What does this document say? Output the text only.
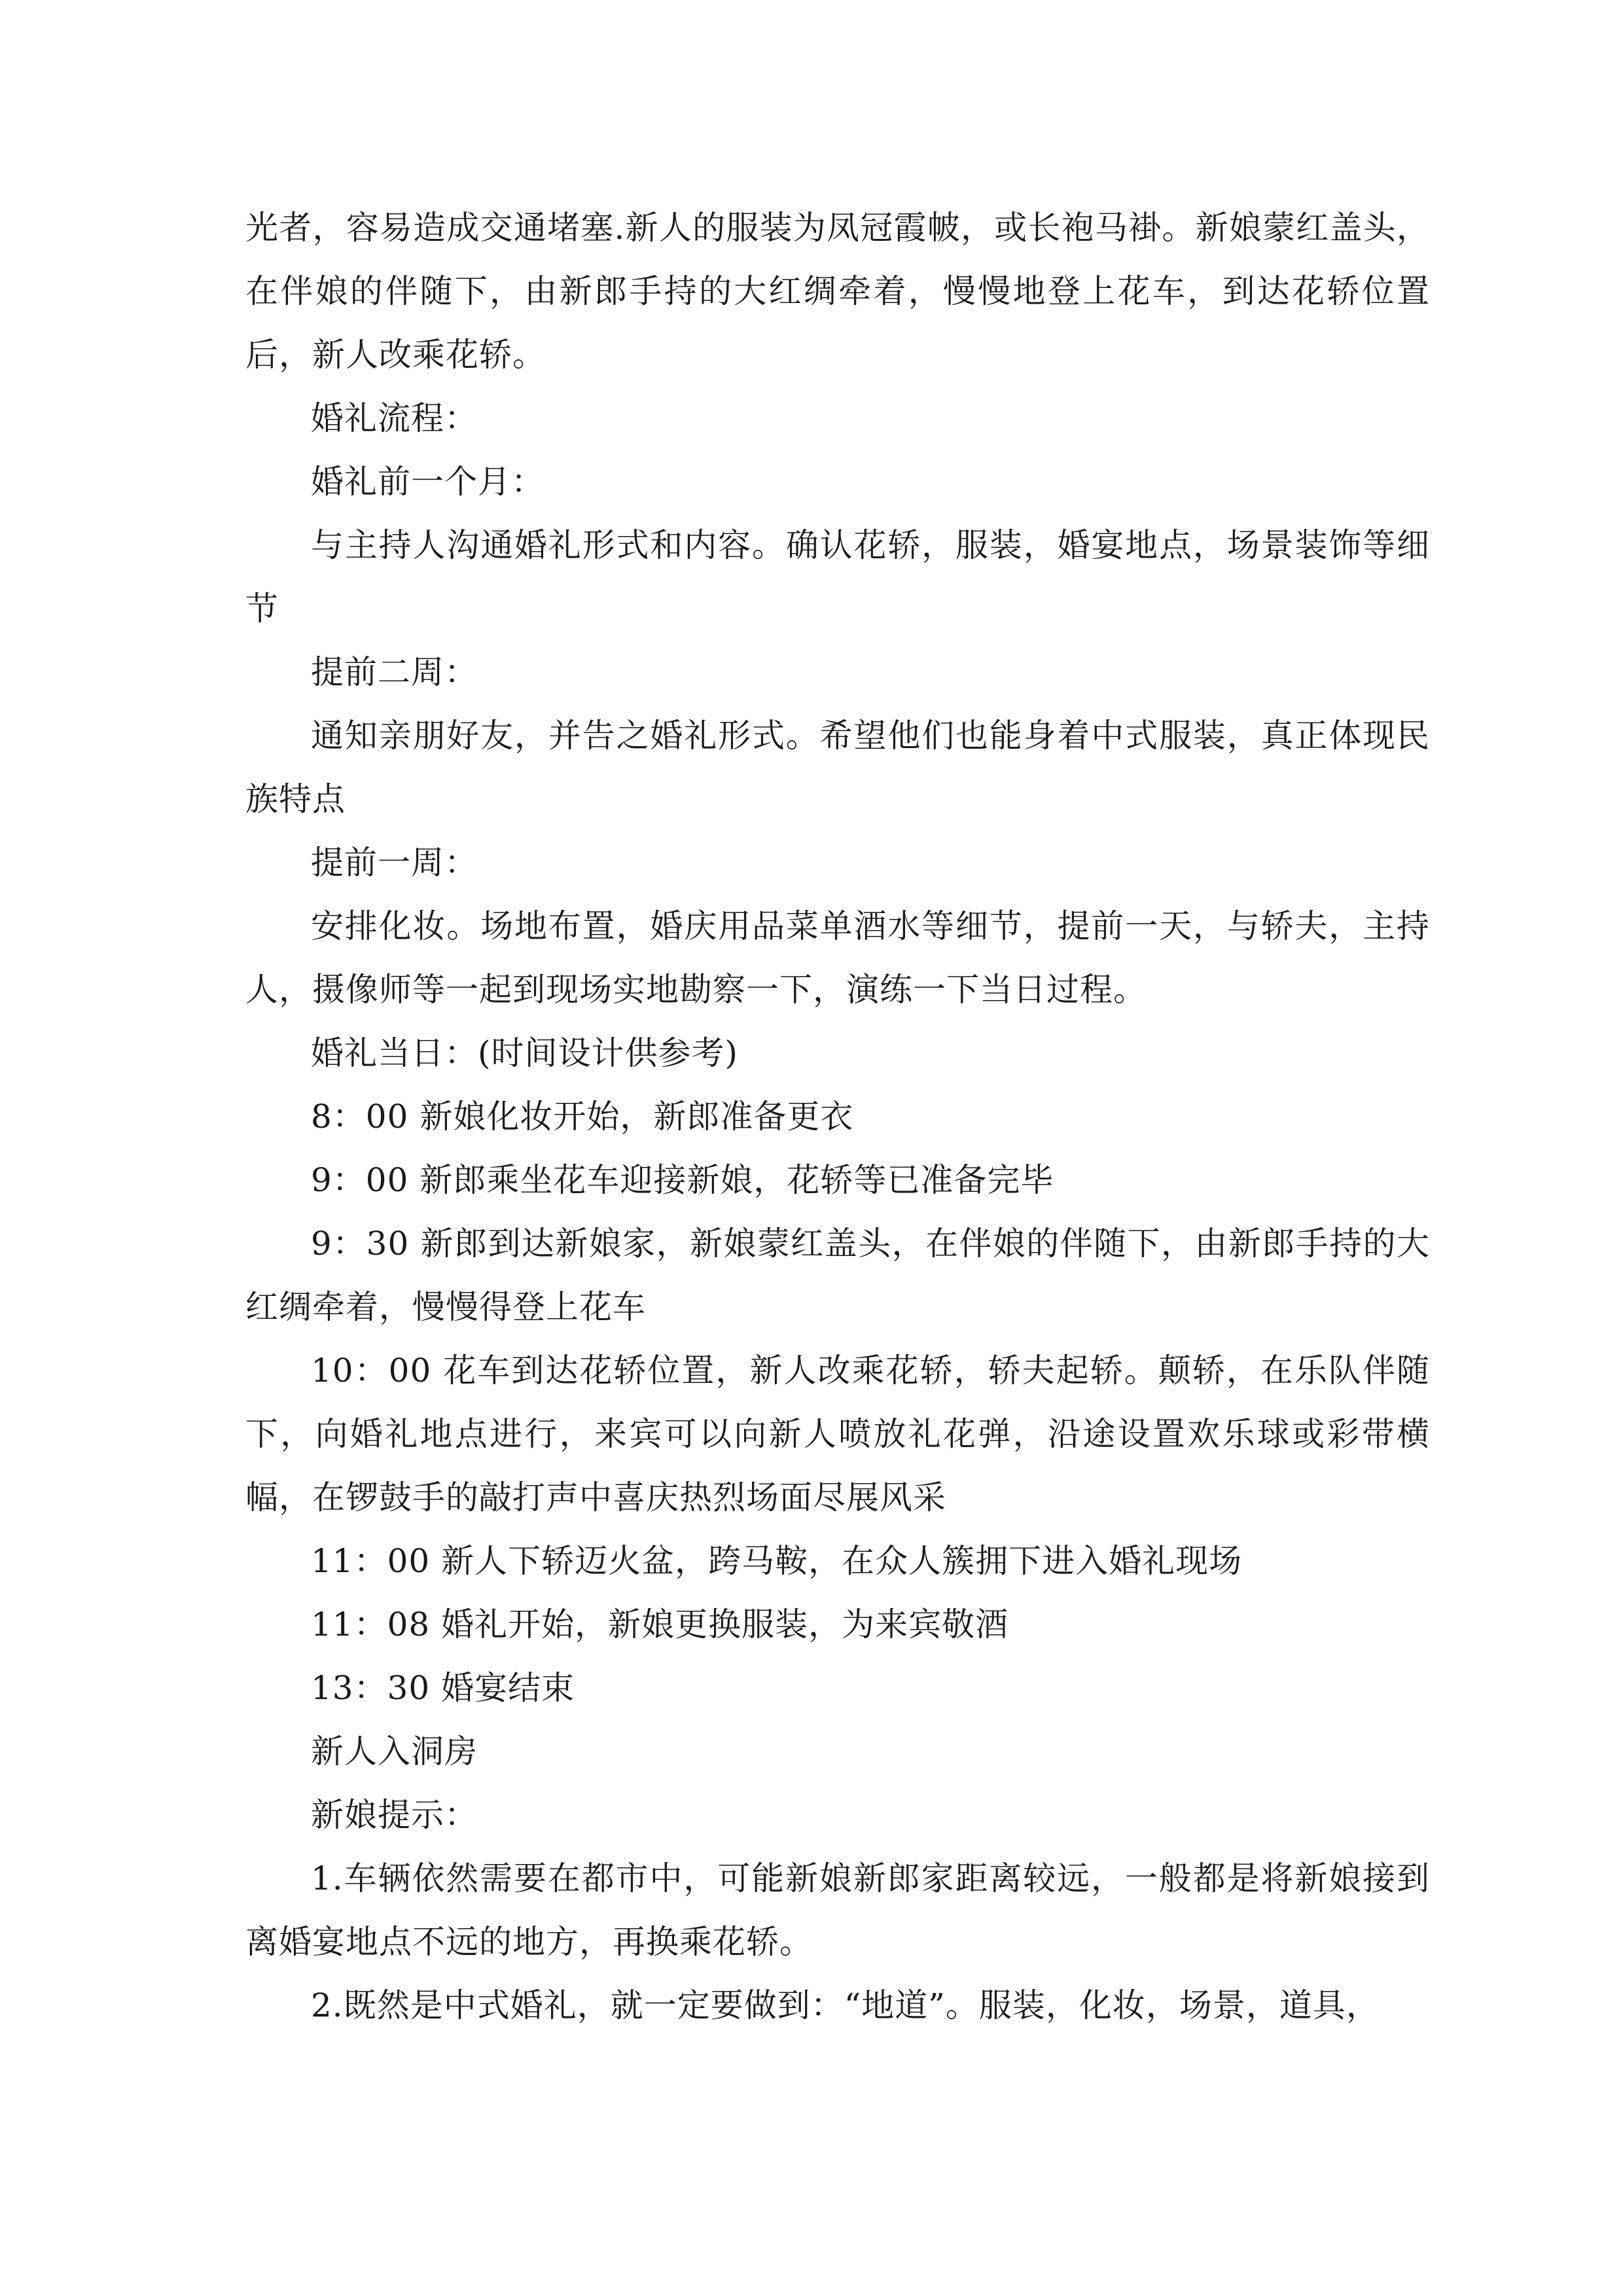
光者，容易造成交通堵塞.新人的服装为凤冠霞帔，或长袍马褂。新娘蒙红盖头，在伴娘的伴随下，由新郎手持的大红绸牵着，慢慢地登上花车，到达花轿位置后，新人改乘花轿。

婚礼流程：

婚礼前一个月：

与主持人沟通婚礼形式和内容。确认花轿，服装，婚宴地点，场景装饰等细节

提前二周：

通知亲朋好友，并告之婚礼形式。希望他们也能身着中式服装，真正体现民族特点

提前一周：

安排化妆。场地布置，婚庆用品菜单酒水等细节，提前一天，与轿夫，主持人，摄像师等一起到现场实地勘察一下，演练一下当日过程。

婚礼当日：(时间设计供参考)

8：00 新娘化妆开始，新郎准备更衣

9：00 新郎乘坐花车迎接新娘，花轿等已准备完毕

9：30 新郎到达新娘家，新娘蒙红盖头，在伴娘的伴随下，由新郎手持的大红绸牵着，慢慢得登上花车

10：00 花车到达花轿位置，新人改乘花轿，轿夫起轿。颠轿，在乐队伴随下，向婚礼地点进行，来宾可以向新人喷放礼花弹，沿途设置欢乐球或彩带横幅，在锣鼓手的敲打声中喜庆热烈场面尽展风采

11：00 新人下轿迈火盆，跨马鞍，在众人簇拥下进入婚礼现场

11：08 婚礼开始，新娘更换服装，为来宾敬酒

13：30 婚宴结束

新人入洞房

新娘提示：

1.车辆依然需要在都市中，可能新娘新郎家距离较远，一般都是将新娘接到离婚宴地点不远的地方，再换乘花轿。

2.既然是中式婚礼，就一定要做到：“地道”。服装，化妆，场景，道具，
